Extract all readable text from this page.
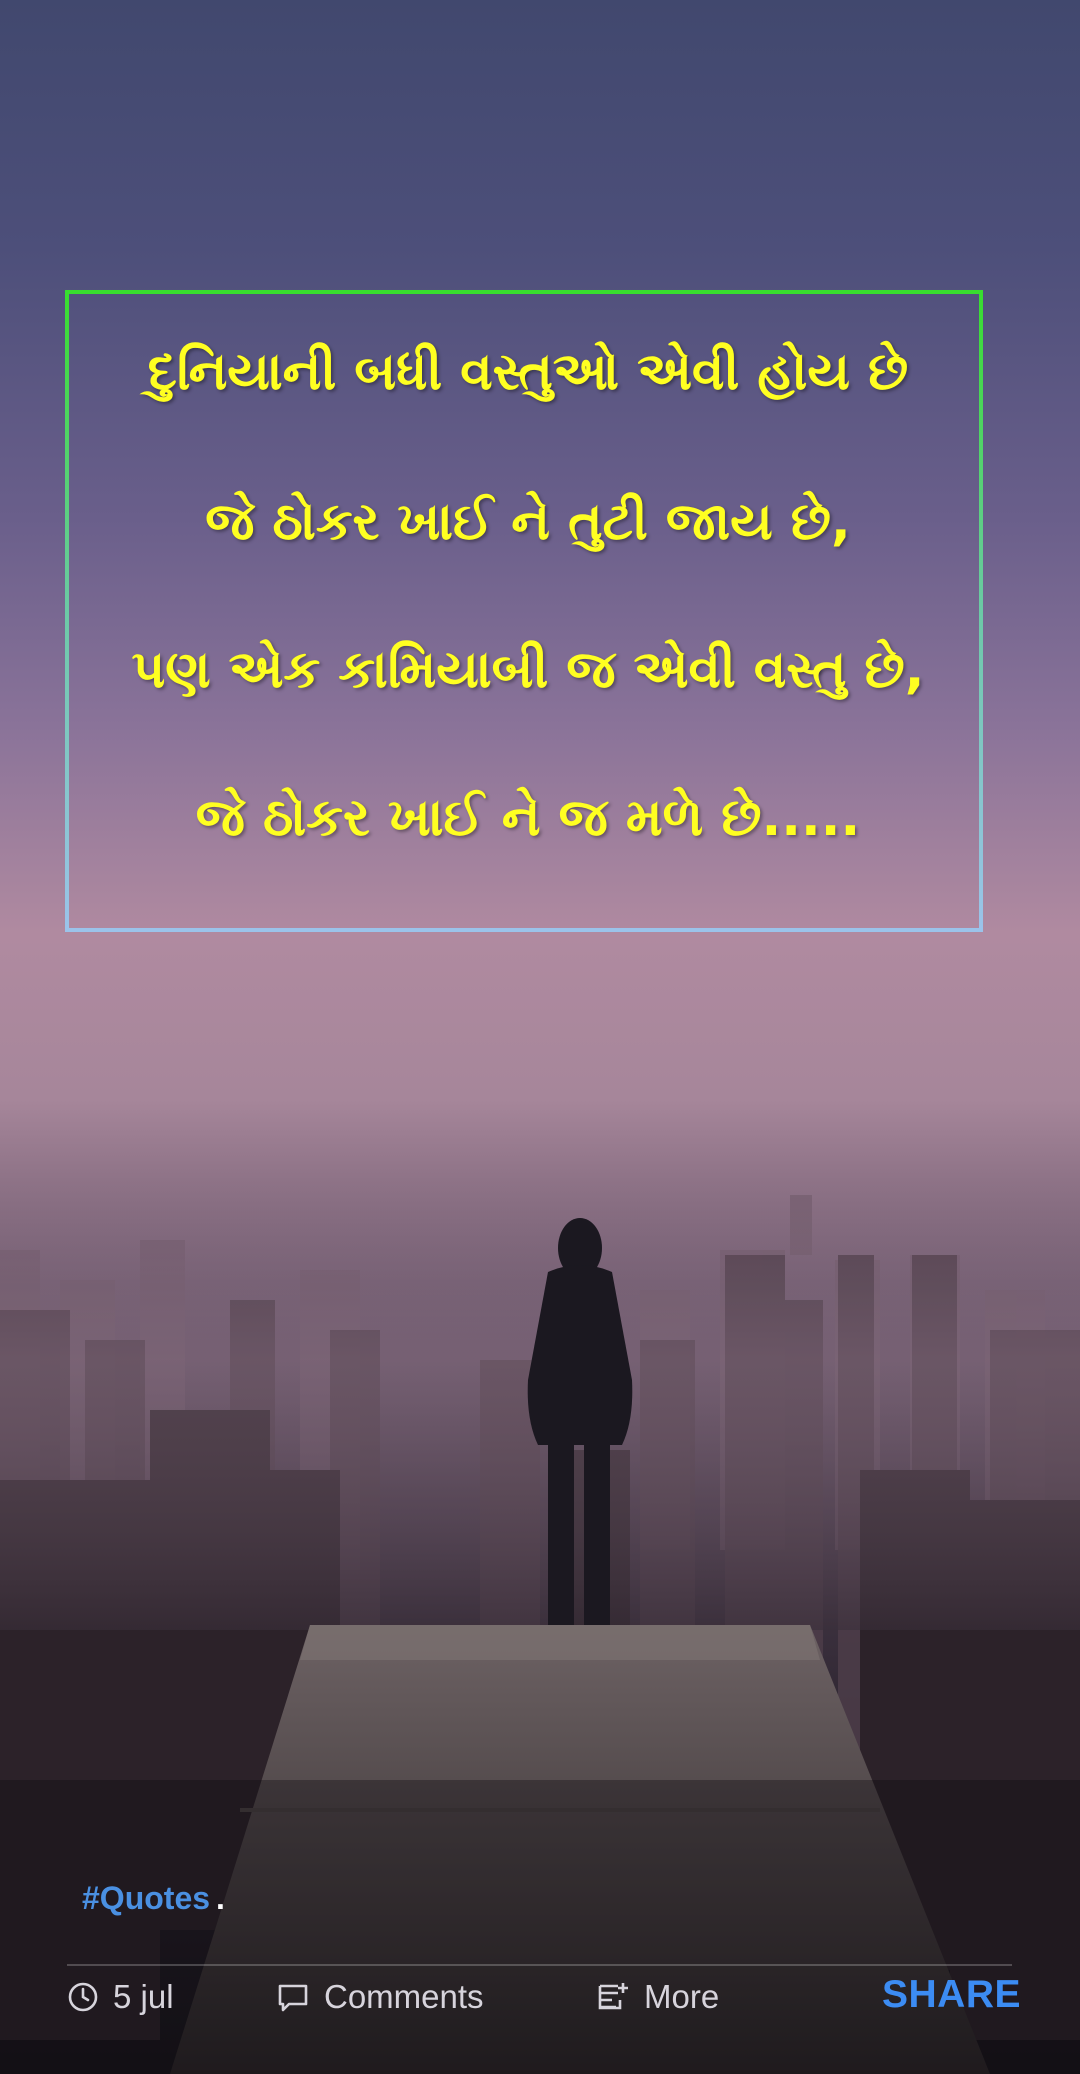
દુનિયાની બધી વસ્તુઓ એવી હોય છે
જે ઠોકર ખાઈ ને તુટી જાય છે,
પણ એક કામિયાબી જ એવી વસ્તુ છે,
જે ઠોકર ખાઈ ને જ મળે છે.....
#Quotes .
5 jul	Comments	More	SHARE
